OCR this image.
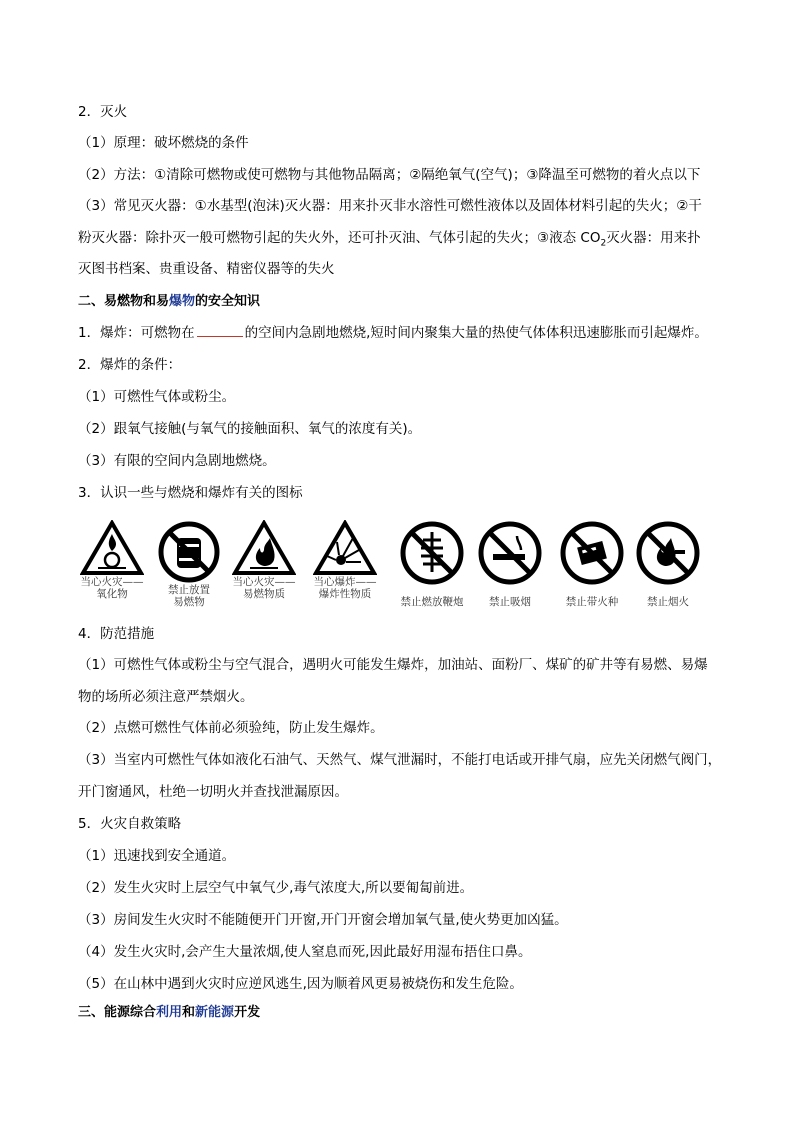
2．灭火
（1）原理：破坏燃烧的条件
（2）方法：①清除可燃物或使可燃物与其他物品隔离；②隔绝氧气(空气)；③降温至可燃物的着火点以下
（3）常见灭火器：①水基型(泡沫)灭火器：用来扑灭非水溶性可燃性液体以及固体材料引起的失火；②干
粉灭火器：除扑灭一般可燃物引起的失火外，还可扑灭油、气体引起的失火；③液态 $CO_2$灭火器：用来扑
灭图书档案、贵重设备、精密仪器等的失火
二、易燃物和易爆物的安全知识
1．爆炸：可燃物在	的空间内急剧地燃烧,短时间内聚集大量的热使气体体积迅速膨胀而引起爆炸。
2．爆炸的条件：
（1）可燃性气体或粉尘。
（2）跟氧气接触(与氧气的接触面积、氧气的浓度有关)。
（3）有限的空间内急剧地燃烧。
3．认识一些与燃烧和爆炸有关的图标
当心火灾——
氧化物	禁止放置
易燃物
当心火灾——
易燃物质
当心爆炸——
爆炸性物质
禁止燃放鞭炮	禁止吸烟	禁止带火种	禁止烟火
4．防范措施
（1）可燃性气体或粉尘与空气混合，遇明火可能发生爆炸，加油站、面粉厂、煤矿的矿井等有易燃、易爆
物的场所必须注意严禁烟火。
（2）点燃可燃性气体前必须验纯，防止发生爆炸。
（3）当室内可燃性气体如液化石油气、天然气、煤气泄漏时，不能打电话或开排气扇，应先关闭燃气阀门，
开门窗通风，杜绝一切明火并查找泄漏原因。
5．火灾自救策略
（1）迅速找到安全通道。
（2）发生火灾时上层空气中氧气少,毒气浓度大,所以要匍匐前进。
（3）房间发生火灾时不能随便开门开窗,开门开窗会增加氧气量,使火势更加凶猛。
（4）发生火灾时,会产生大量浓烟,使人窒息而死,因此最好用湿布捂住口鼻。
（5）在山林中遇到火灾时应逆风逃生,因为顺着风更易被烧伤和发生危险。
三、能源综合利用和新能源开发
